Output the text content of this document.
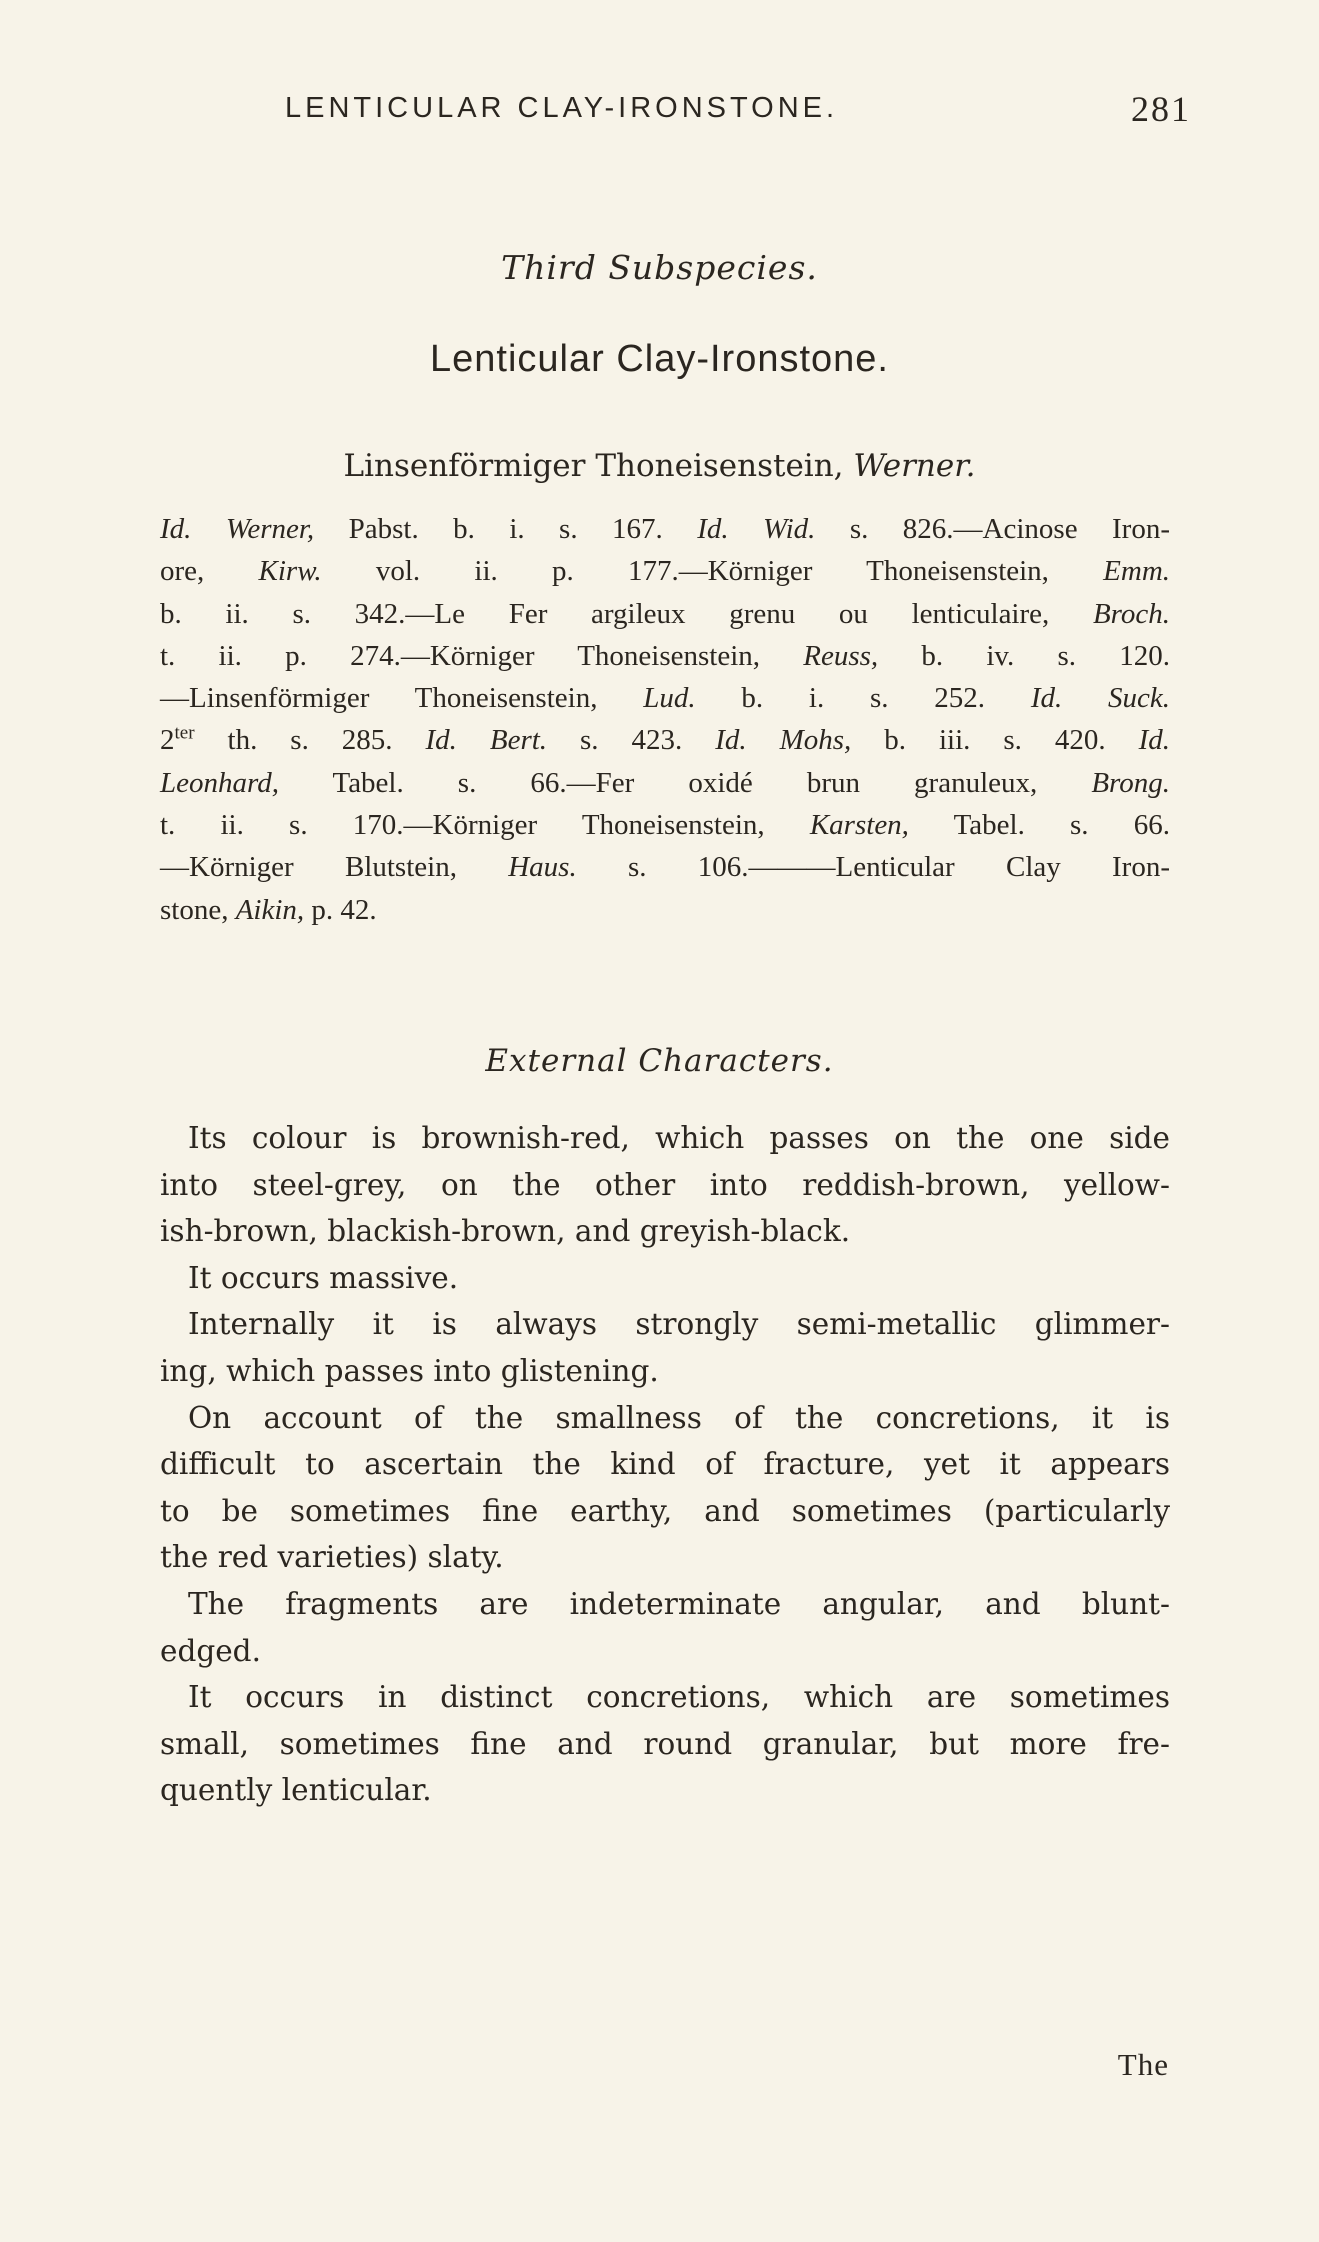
LENTICULAR CLAY-IRONSTONE.	281
Third Subspecies.
Lenticular Clay-Ironstone.
Linsenförmiger Thoneisenstein, Werner.
Id. Werner, Pabst. b. i. s. 167. Id. Wid. s. 826.—Acinose Iron-
ore, Kirw. vol. ii. p. 177.—Körniger Thoneisenstein, Emm.
b. ii. s. 342.—Le Fer argileux grenu ou lenticulaire, Broch.
t. ii. p. 274.—Körniger Thoneisenstein, Reuss, b. iv. s. 120.
—Linsenförmiger Thoneisenstein, Lud. b. i. s. 252. Id. Suck.
$2^{ter}$ th. s. 285. Id. Bert. s. 423. Id. Mohs, b. iii. s. 420. Id.
Leonhard, Tabel. s. 66.—Fer oxidé brun granuleux, Brong.
t. ii. s. 170.—Körniger Thoneisenstein, Karsten, Tabel. s. 66.
—Körniger Blutstein, Haus. s. 106.———Lenticular Clay Iron-
stone, Aikin, p. 42.
External Characters.
Its colour is brownish-red, which passes on the one side
into steel-grey, on the other into reddish-brown, yellow-
ish-brown, blackish-brown, and greyish-black.
It occurs massive.
Internally it is always strongly semi-metallic glimmer-
ing, which passes into glistening.
On account of the smallness of the concretions, it is
difficult to ascertain the kind of fracture, yet it appears
to be sometimes fine earthy, and sometimes (particularly
the red varieties) slaty.
The fragments are indeterminate angular, and blunt-
edged.
It occurs in distinct concretions, which are sometimes
small, sometimes fine and round granular, but more fre-
quently lenticular.
The
